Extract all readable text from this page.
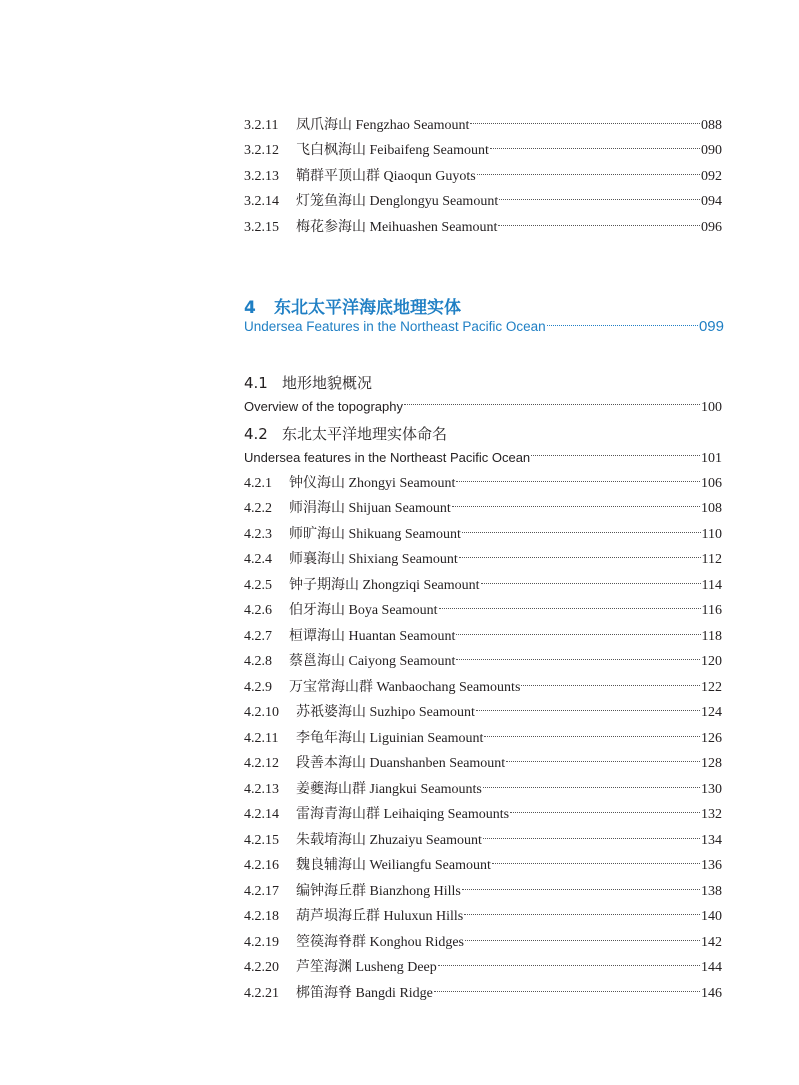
3.2.11	凤爪海山 Fengzhao Seamount	088
3.2.12	飞白枫海山 Feibaifeng Seamount	090
3.2.13	鞘群平顶山群 Qiaoqun Guyots	092
3.2.14	灯笼鱼海山 Denglongyu Seamount	094
3.2.15	梅花参海山 Meihuashen Seamount	096
4 东北太平洋海底地理实体
Undersea Features in the Northeast Pacific Ocean	099
4.1 地形地貌概况
Overview of the topography	100
4.2 东北太平洋地理实体命名
Undersea features in the Northeast Pacific Ocean	101
4.2.1	钟仪海山 Zhongyi Seamount	106
4.2.2	师涓海山 Shijuan Seamount	108
4.2.3	师旷海山 Shikuang Seamount	110
4.2.4	师襄海山 Shixiang Seamount	112
4.2.5	钟子期海山 Zhongziqi Seamount	114
4.2.6	伯牙海山 Boya Seamount	116
4.2.7	桓谭海山 Huantan Seamount	118
4.2.8	蔡邕海山 Caiyong Seamount	120
4.2.9	万宝常海山群 Wanbaochang Seamounts	122
4.2.10	苏祇婆海山 Suzhipo Seamount	124
4.2.11	李龟年海山 Liguinian Seamount	126
4.2.12	段善本海山 Duanshanben Seamount	128
4.2.13	姜夔海山群 Jiangkui Seamounts	130
4.2.14	雷海青海山群 Leihaiqing Seamounts	132
4.2.15	朱载堉海山 Zhuzaiyu Seamount	134
4.2.16	魏良辅海山 Weiliangfu Seamount	136
4.2.17	编钟海丘群 Bianzhong Hills	138
4.2.18	葫芦埙海丘群 Huluxun Hills	140
4.2.19	箜篌海脊群 Konghou Ridges	142
4.2.20	芦笙海渊 Lusheng Deep	144
4.2.21	梆笛海脊 Bangdi Ridge	146
